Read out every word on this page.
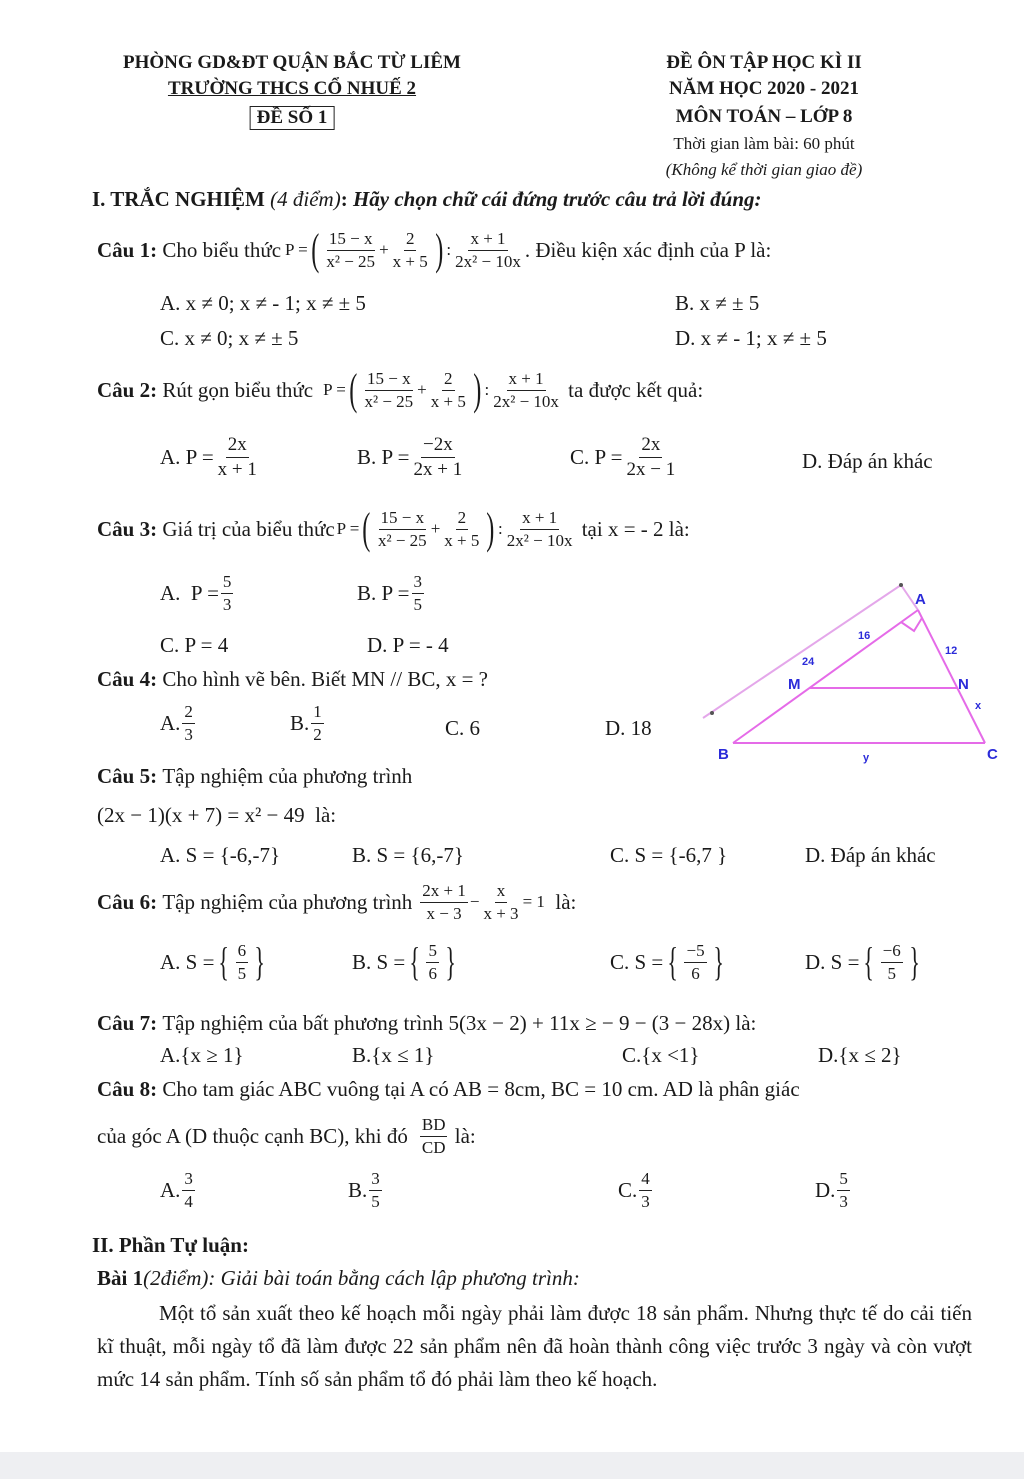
PHÒNG GD&ĐT QUẬN BẮC TỪ LIÊM
TRƯỜNG THCS CỔ NHUẾ 2
ĐỀ SỐ 1
ĐỀ ÔN TẬP HỌC KÌ II
NĂM HỌC 2020 - 2021
MÔN TOÁN – LỚP 8
Thời gian làm bài: 60 phút
(Không kể thời gian giao đề)
I. TRẮC NGHIỆM (4 điểm): Hãy chọn chữ cái đứng trước câu trả lời đúng:
Câu 1:
Cho biểu thức P = ( $\frac{15 - x}{\text{x² − 25}} + \frac{2}{x + 5}$ ) : $\frac{x + 1}{\text{2x² − 10x}}$ . Điều kiện xác định của P là:
A. x ≠ 0; x ≠ - 1; x ≠ ± 5	B. x ≠ ± 5
C. x ≠ 0; x ≠ ± 5	D. x ≠ - 1; x ≠ ± 5
Câu 2:
Rút gọn biểu thức P = ( $\frac{15 - x}{\text{x² − 25}} + \frac{2}{x + 5}$ ) : $\frac{x + 1}{\text{2x² − 10x}}$
ta được kết quả:
A.
$P = \frac{2x}{x + 1}$	B.
$P = \frac{-2x}{2x + 1}$	C.
$P = \frac{2x}{2x - 1}$	D. Đáp án khác
Câu 3:
Giá trị của biểu thức P = ( $\frac{15 - x}{\text{x² − 25}} + \frac{2}{x + 5}$ ) : $\frac{x + 1}{\text{2x² − 10x}}$
tại x = - 2 là:
A.
$P = \frac{5}{3}$	B.
$P = \frac{3}{5}$
C. P = 4	D. P = - 4
Câu 4: Cho hình vẽ bên. Biết MN // BC, x = ?
A. $\frac{2}{3}$	B. $\frac{1}{2}$	C. 6	D. 18
A
B	C
M	N
16
24
12
x
y
Câu 5: Tập nghiệm của phương trình
(2x − 1)(x + 7) = x² − 49 là:
A. S = {-6,-7}	B. S = {6,-7}	C. S = {-6,7 }	D. Đáp án khác
Câu 6:
Tập nghiệm của phương trình $\frac{2x + 1}{x - 3} - \frac{x}{x + 3} = 1$
là:
A. S = { $\frac{6}{5}$ }	B. S = { $\frac{5}{6}$ }	C. S = { $\frac{-5}{6}$ }	D. S = { $\frac{-6}{5}$ }
Câu 7: Tập nghiệm của bất phương trình 5(3x − 2) + 11x ≥ − 9 − (3 − 28x) là:
A.{x ≥ 1}	B.{x ≤ 1}	C.{x <1}	D.{x ≤ 2}
Câu 8: Cho tam giác ABC vuông tại A có AB = 8cm, BC = 10 cm. AD là phân giác
của góc A (D thuộc cạnh BC), khi đó $\frac{BD}{CD}$
là:
A. $\frac{3}{4}$	B. $\frac{3}{5}$	C. $\frac{4}{3}$	D. $\frac{5}{3}$
II. Phần Tự luận:
Bài 1(2điểm): Giải bài toán bằng cách lập phương trình:
Một tổ sản xuất theo kế hoạch mỗi ngày phải làm được 18 sản phẩm. Nhưng thực tế do cải tiến kĩ thuật, mỗi ngày tổ đã làm được 22 sản phẩm nên đã hoàn thành công việc trước 3 ngày và còn vượt mức 14 sản phẩm. Tính số sản phẩm tổ đó phải làm theo kế hoạch.
